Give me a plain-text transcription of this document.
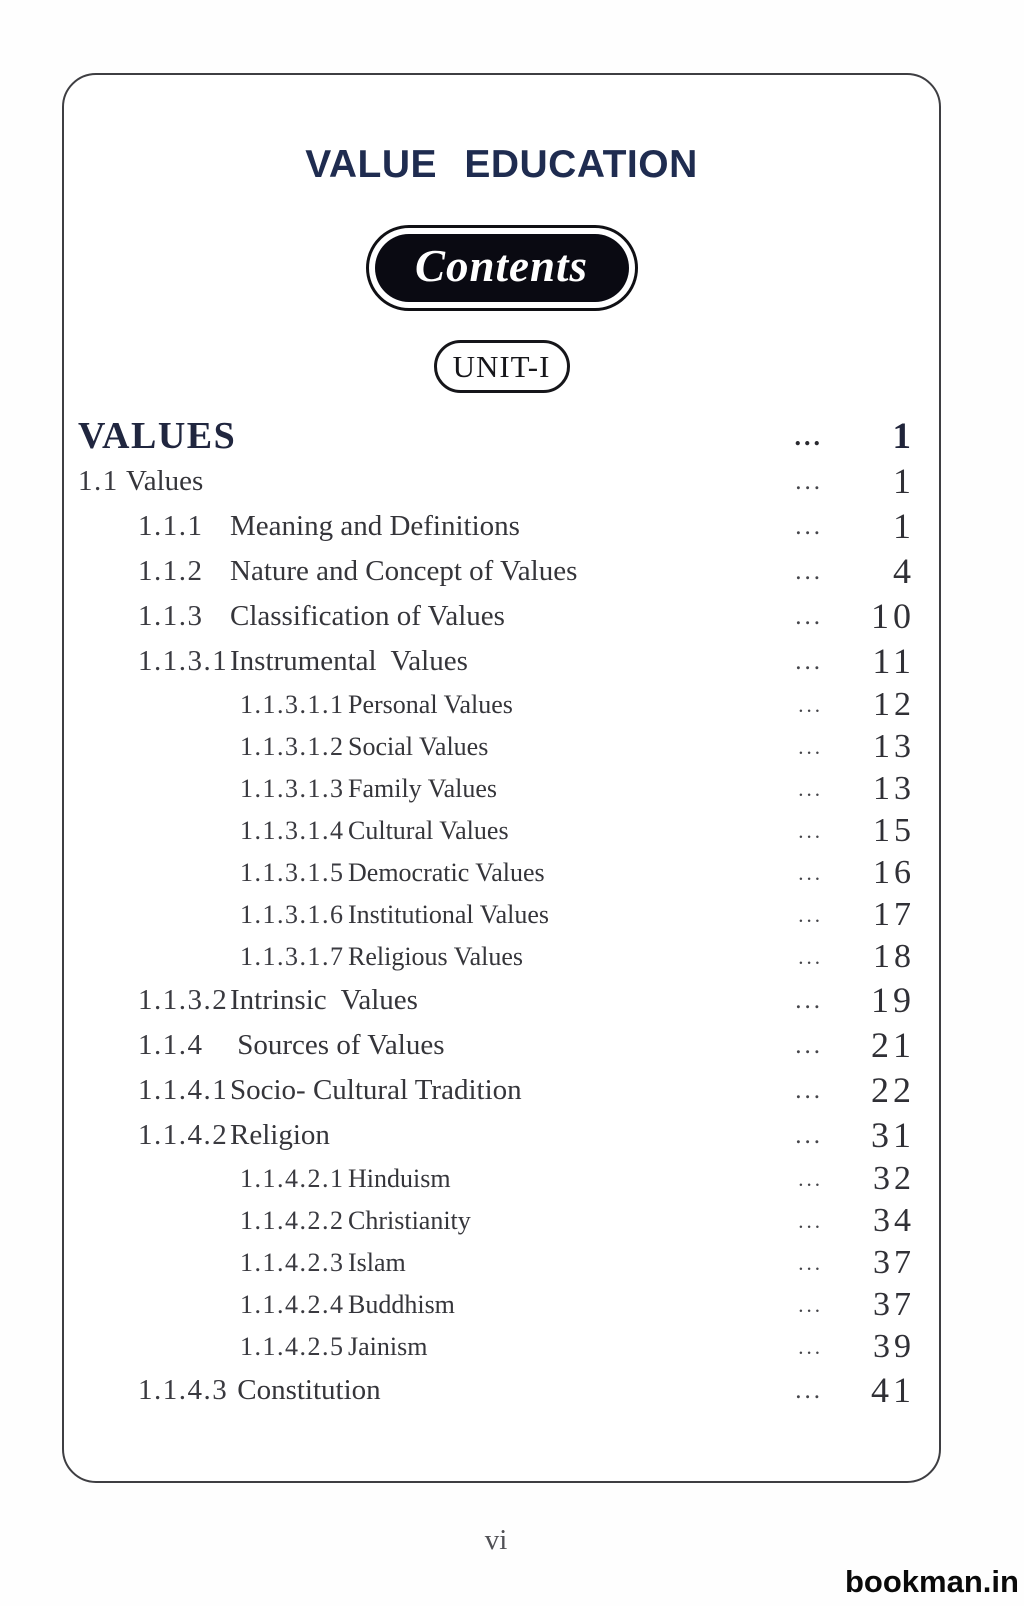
VALUE EDUCATION
Contents
UNIT-I
VALUES	...	1
1.1 Values	...	1
1.1.1 Meaning and Definitions	...	1
1.1.2 Nature and Concept of Values	...	4
1.1.3 Classification of Values	...	10
1.1.3.1Instrumental  Values	...	11
1.1.3.1.1 Personal Values	...	12
1.1.3.1.2 Social Values	...	13
1.1.3.1.3 Family Values	...	13
1.1.3.1.4 Cultural Values	...	15
1.1.3.1.5 Democratic Values	...	16
1.1.3.1.6 Institutional Values	...	17
1.1.3.1.7 Religious Values	...	18
1.1.3.2Intrinsic  Values	...	19
1.1.4 Sources of Values	...	21
1.1.4.1Socio- Cultural Tradition	...	22
1.1.4.2Religion	...	31
1.1.4.2.1 Hinduism	...	32
1.1.4.2.2 Christianity	...	34
1.1.4.2.3 Islam	...	37
1.1.4.2.4 Buddhism	...	37
1.1.4.2.5 Jainism	...	39
1.1.4.3 Constitution	...	41
vi
bookman.in
